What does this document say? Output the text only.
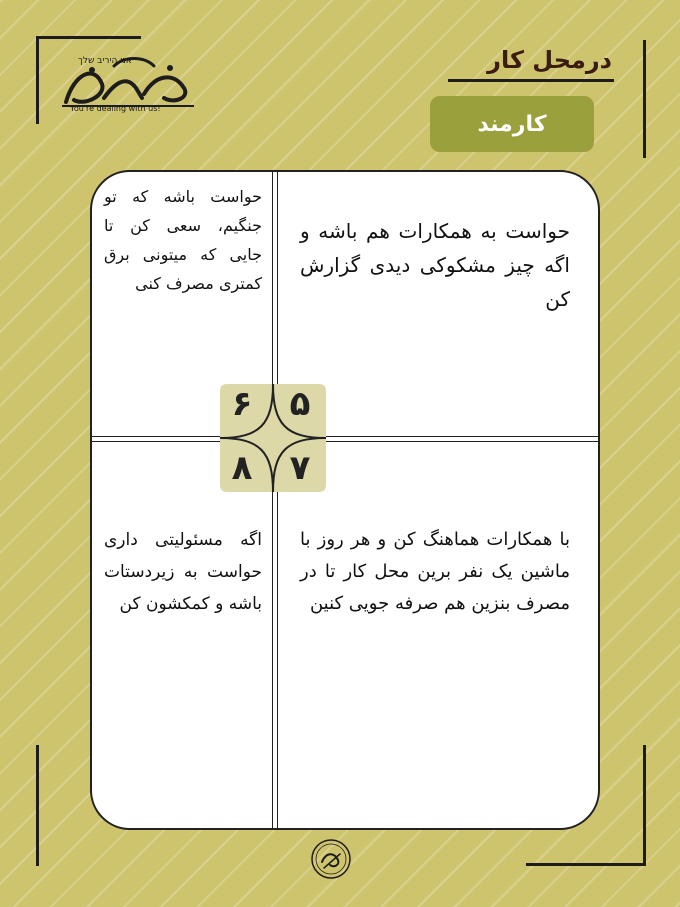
אני היריב שלך
You're dealing with us!
درمحل کار
کارمند
حواست به همکارات هم باشه و اگه چیز مشکوکی دیدی گزارش کن
حواست باشه که تو جنگیم، سعی کن تا جایی که میتونی برق کمتری مصرف کنی
با همکارات هماهنگ کن و هر روز با ماشین یک نفر برین محل کار تا در مصرف بنزین هم صرفه جویی کنین
اگه مسئولیتی داری حواست به زیردستات باشه و کمکشون کن
۶ ۵
۸ ۷
